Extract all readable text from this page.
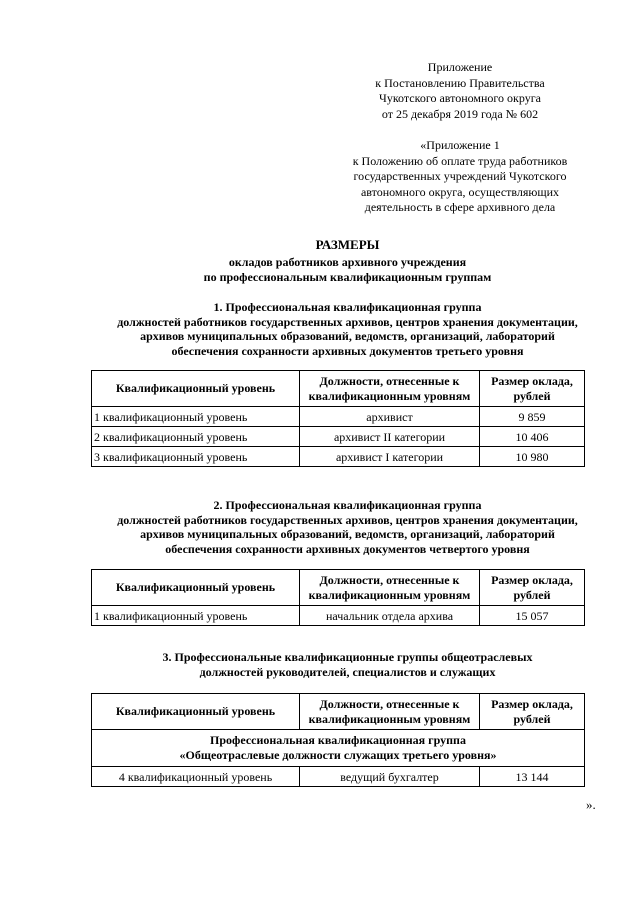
Приложение
к Постановлению Правительства
Чукотского автономного округа
от 25 декабря 2019 года № 602
«Приложение 1
к Положению об оплате труда работников
государственных учреждений Чукотского
автономного округа, осуществляющих
деятельность в сфере архивного дела
РАЗМЕРЫ
окладов работников архивного учреждения
по профессиональным квалификационным группам
1. Профессиональная квалификационная группа
должностей работников государственных архивов, центров хранения документации,
архивов муниципальных образований, ведомств, организаций, лабораторий
обеспечения сохранности архивных документов третьего уровня
Квалификационный уровень	Должности, отнесенные к квалификационным уровням	Размер оклада, рублей
1 квалификационный уровень	архивист	9 859
2 квалификационный уровень	архивист II категории	10 406
3 квалификационный уровень	архивист I категории	10 980
2. Профессиональная квалификационная группа
должностей работников государственных архивов, центров хранения документации,
архивов муниципальных образований, ведомств, организаций, лабораторий
обеспечения сохранности архивных документов четвертого уровня
Квалификационный уровень	Должности, отнесенные к квалификационным уровням	Размер оклада, рублей
1 квалификационный уровень	начальник отдела архива	15 057
3. Профессиональные квалификационные группы общеотраслевых
должностей руководителей, специалистов и служащих
Квалификационный уровень	Должности, отнесенные к квалификационным уровням	Размер оклада, рублей

Профессиональная квалификационная группа
«Общеотраслевые должности служащих третьего уровня»		

4 квалификационный уровень	ведущий бухгалтер	13 144
».
